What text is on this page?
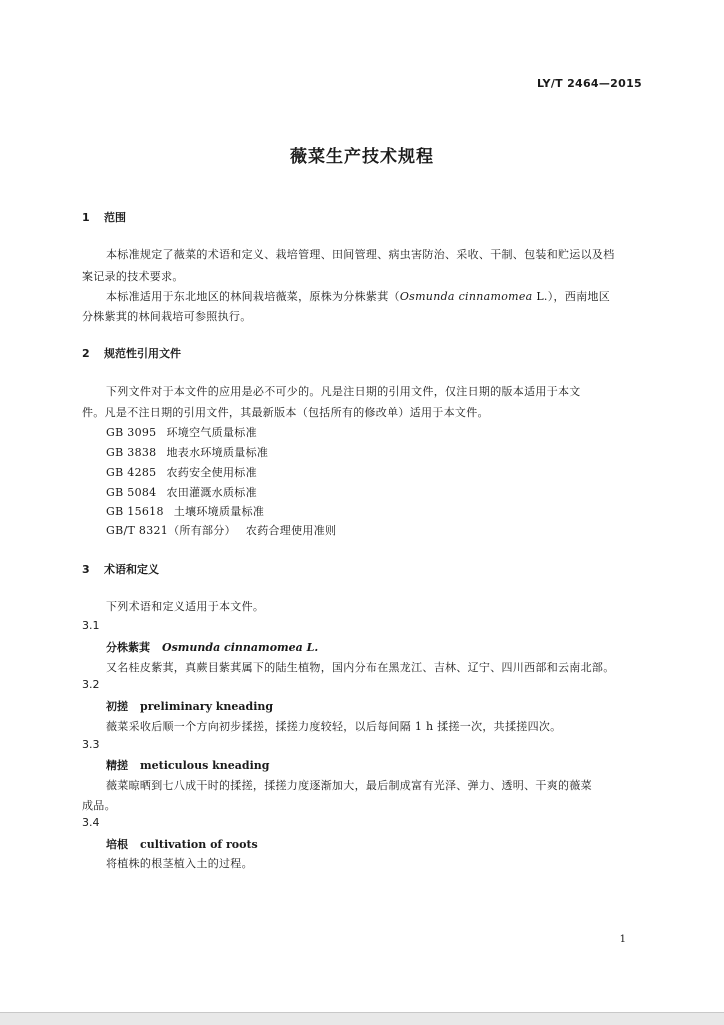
LY/T 2464—2015
薇菜生产技术规程
1 范围
本标准规定了薇菜的术语和定义、栽培管理、田间管理、病虫害防治、采收、干制、包装和贮运以及档
案记录的技术要求。
本标准适用于东北地区的林间栽培薇菜，原株为分株紫萁（Osmunda cinnamomea L.），西南地区
分株紫萁的林间栽培可参照执行。
2 规范性引用文件
下列文件对于本文件的应用是必不可少的。凡是注日期的引用文件，仅注日期的版本适用于本文
件。凡是不注日期的引用文件，其最新版本（包括所有的修改单）适用于本文件。
GB 3095 环境空气质量标准
GB 3838 地表水环境质量标准
GB 4285 农药安全使用标准
GB 5084 农田灌溉水质标准
GB 15618 土壤环境质量标准
GB/T 8321（所有部分） 农药合理使用准则
3 术语和定义
下列术语和定义适用于本文件。
3.1
分株紫萁 Osmunda cinnamomea L.
又名桂皮紫萁，真蕨目紫萁属下的陆生植物，国内分布在黑龙江、吉林、辽宁、四川西部和云南北部。
3.2
初搓 preliminary kneading
薇菜采收后顺一个方向初步揉搓，揉搓力度较轻，以后每间隔 1 h 揉搓一次，共揉搓四次。
3.3
精搓 meticulous kneading
薇菜晾晒到七八成干时的揉搓，揉搓力度逐渐加大，最后制成富有光泽、弹力、透明、干爽的薇菜
成品。
3.4
培根 cultivation of roots
将植株的根茎植入土的过程。
1
